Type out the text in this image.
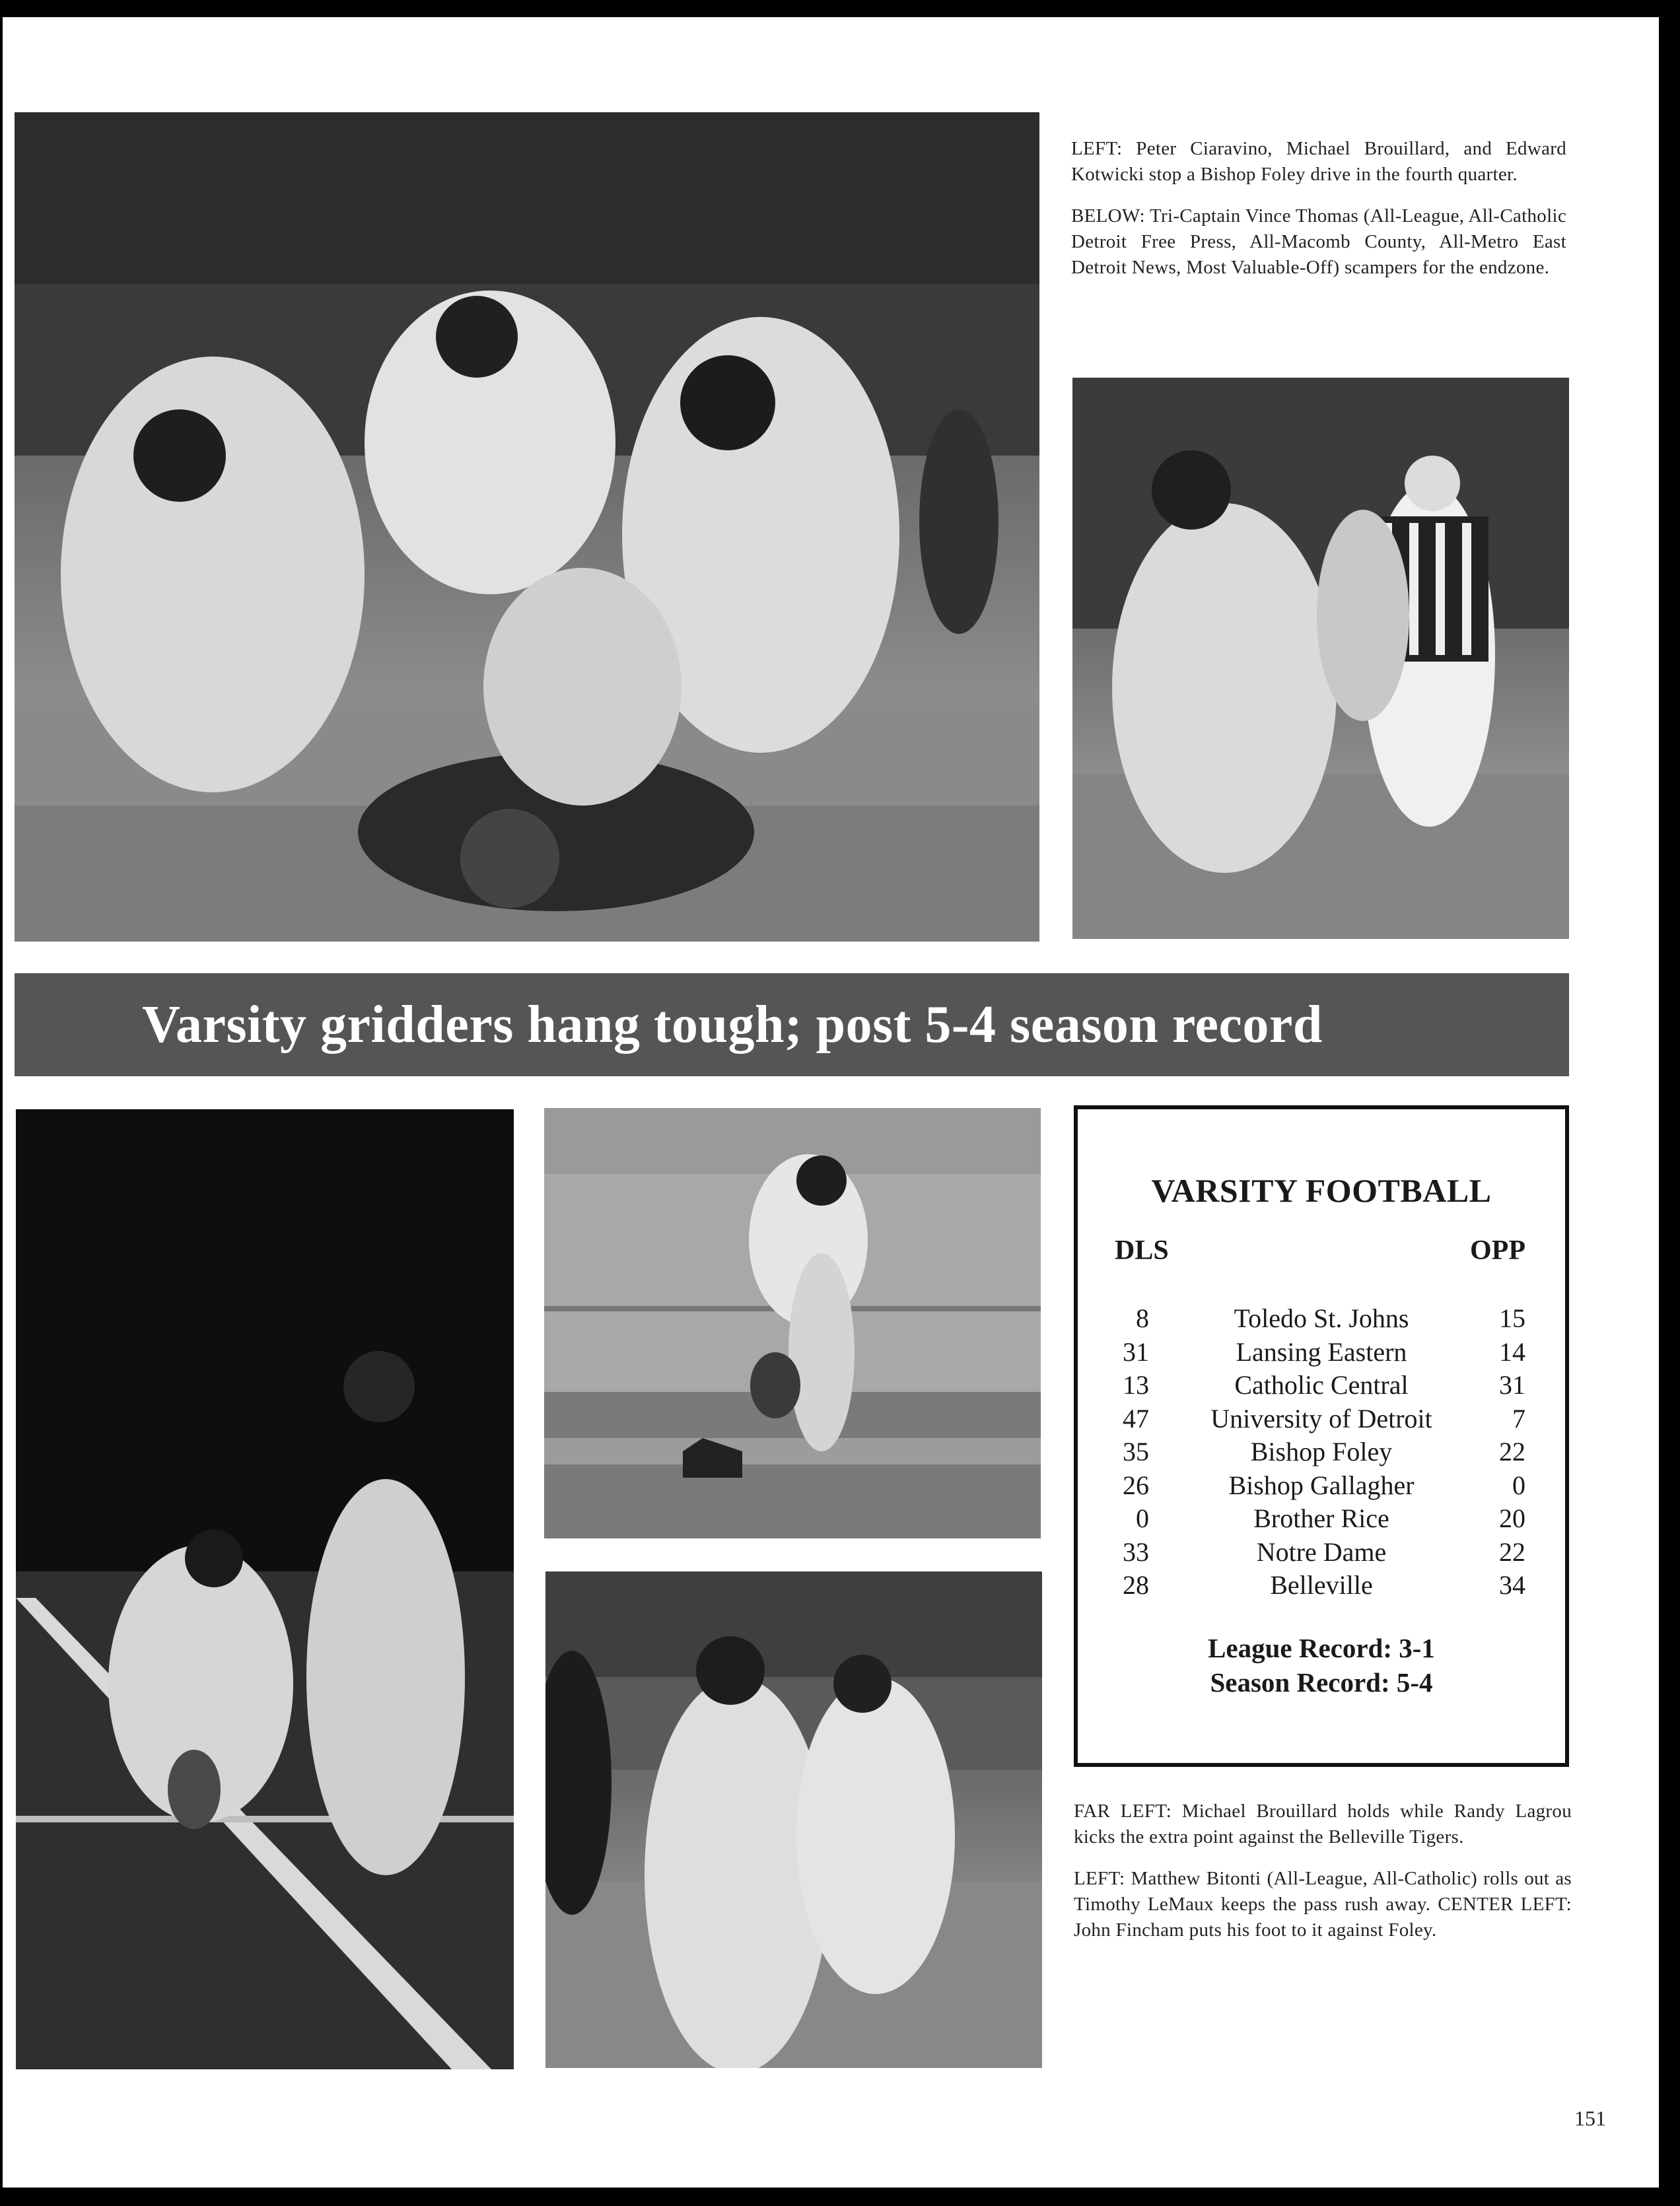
LEFT: Peter Ciaravino, Michael Brouillard, and Edward Kotwicki stop a Bishop Foley drive in the fourth quarter.

BELOW: Tri-Captain Vince Thomas (All-League, All-Catholic Detroit Free Press, All-Macomb County, All-Metro East Detroit News, Most Valuable-Off) scampers for the endzone.

Varsity gridders hang tough; post 5-4 season record
VARSITY FOOTBALL
DLS	OPP
8	Toledo St. Johns	15
31	Lansing Eastern	14
13	Catholic Central	31
47	University of Detroit	7
35	Bishop Foley	22
26	Bishop Gallagher	0
0	Brother Rice	20
33	Notre Dame	22
28	Belleville	34
League Record: 3-1
Season Record: 5-4

FAR LEFT: Michael Brouillard holds while Randy Lagrou kicks the extra point against the Belleville Tigers.

LEFT: Matthew Bitonti (All-League, All-Catholic) rolls out as Timothy LeMaux keeps the pass rush away. CENTER LEFT: John Fincham puts his foot to it against Foley.

151
